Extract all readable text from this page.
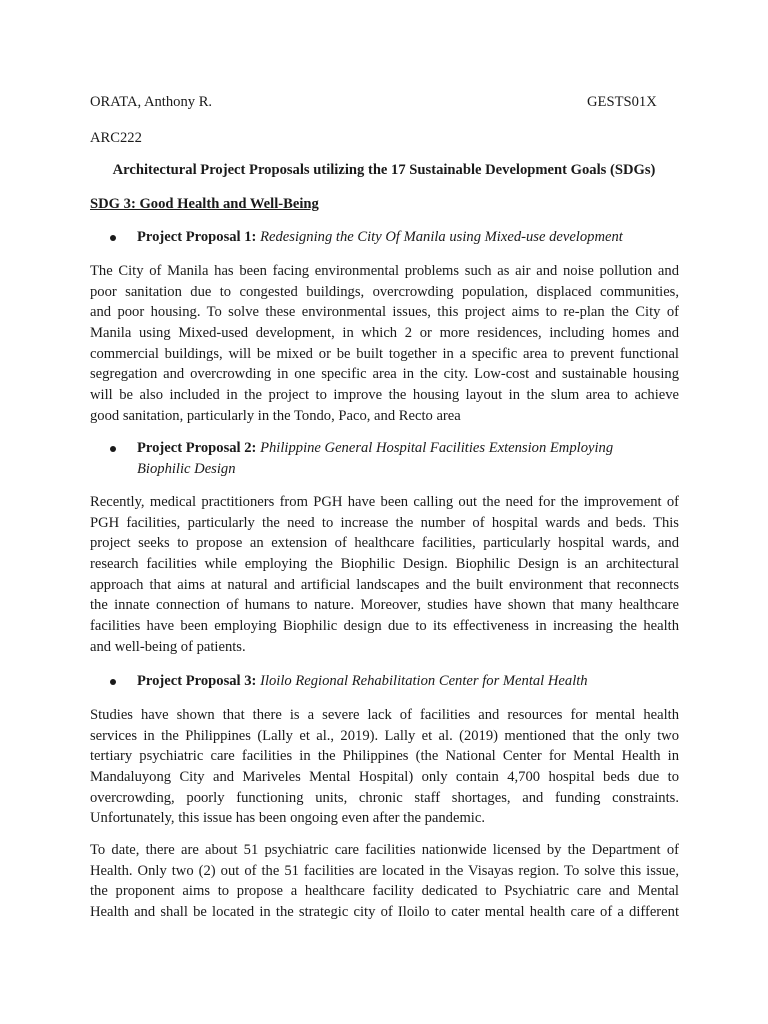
ORATA, Anthony R.	GESTS01X
ARC222
Architectural Project Proposals utilizing the 17 Sustainable Development Goals (SDGs)
SDG 3: Good Health and Well-Being
Project Proposal 1: Redesigning the City Of Manila using Mixed-use development
The City of Manila has been facing environmental problems such as air and noise pollution and
poor sanitation due to congested buildings, overcrowding population, displaced communities,
and poor housing. To solve these environmental issues, this project aims to re-plan the City of
Manila using Mixed-used development, in which 2 or more residences, including homes and
commercial buildings, will be mixed or be built together in a specific area to prevent functional
segregation and overcrowding in one specific area in the city. Low-cost and sustainable housing
will be also included in the project to improve the housing layout in the slum area to achieve
good sanitation, particularly in the Tondo, Paco, and Recto area
Project Proposal 2: Philippine General Hospital Facilities Extension Employing
Biophilic Design
Recently, medical practitioners from PGH have been calling out the need for the improvement of
PGH facilities, particularly the need to increase the number of hospital wards and beds. This
project seeks to propose an extension of healthcare facilities, particularly hospital wards, and
research facilities while employing the Biophilic Design. Biophilic Design is an architectural
approach that aims at natural and artificial landscapes and the built environment that reconnects
the innate connection of humans to nature. Moreover, studies have shown that many healthcare
facilities have been employing Biophilic design due to its effectiveness in increasing the health
and well-being of patients.
Project Proposal 3: Iloilo Regional Rehabilitation Center for Mental Health
Studies have shown that there is a severe lack of facilities and resources for mental health
services in the Philippines (Lally et al., 2019). Lally et al. (2019) mentioned that the only two
tertiary psychiatric care facilities in the Philippines (the National Center for Mental Health in
Mandaluyong City and Mariveles Mental Hospital) only contain 4,700 hospital beds due to
overcrowding, poorly functioning units, chronic staff shortages, and funding constraints.
Unfortunately, this issue has been ongoing even after the pandemic.
To date, there are about 51 psychiatric care facilities nationwide licensed by the Department of
Health. Only two (2) out of the 51 facilities are located in the Visayas region. To solve this issue,
the proponent aims to propose a healthcare facility dedicated to Psychiatric care and Mental
Health and shall be located in the strategic city of Iloilo to cater mental health care of a different
